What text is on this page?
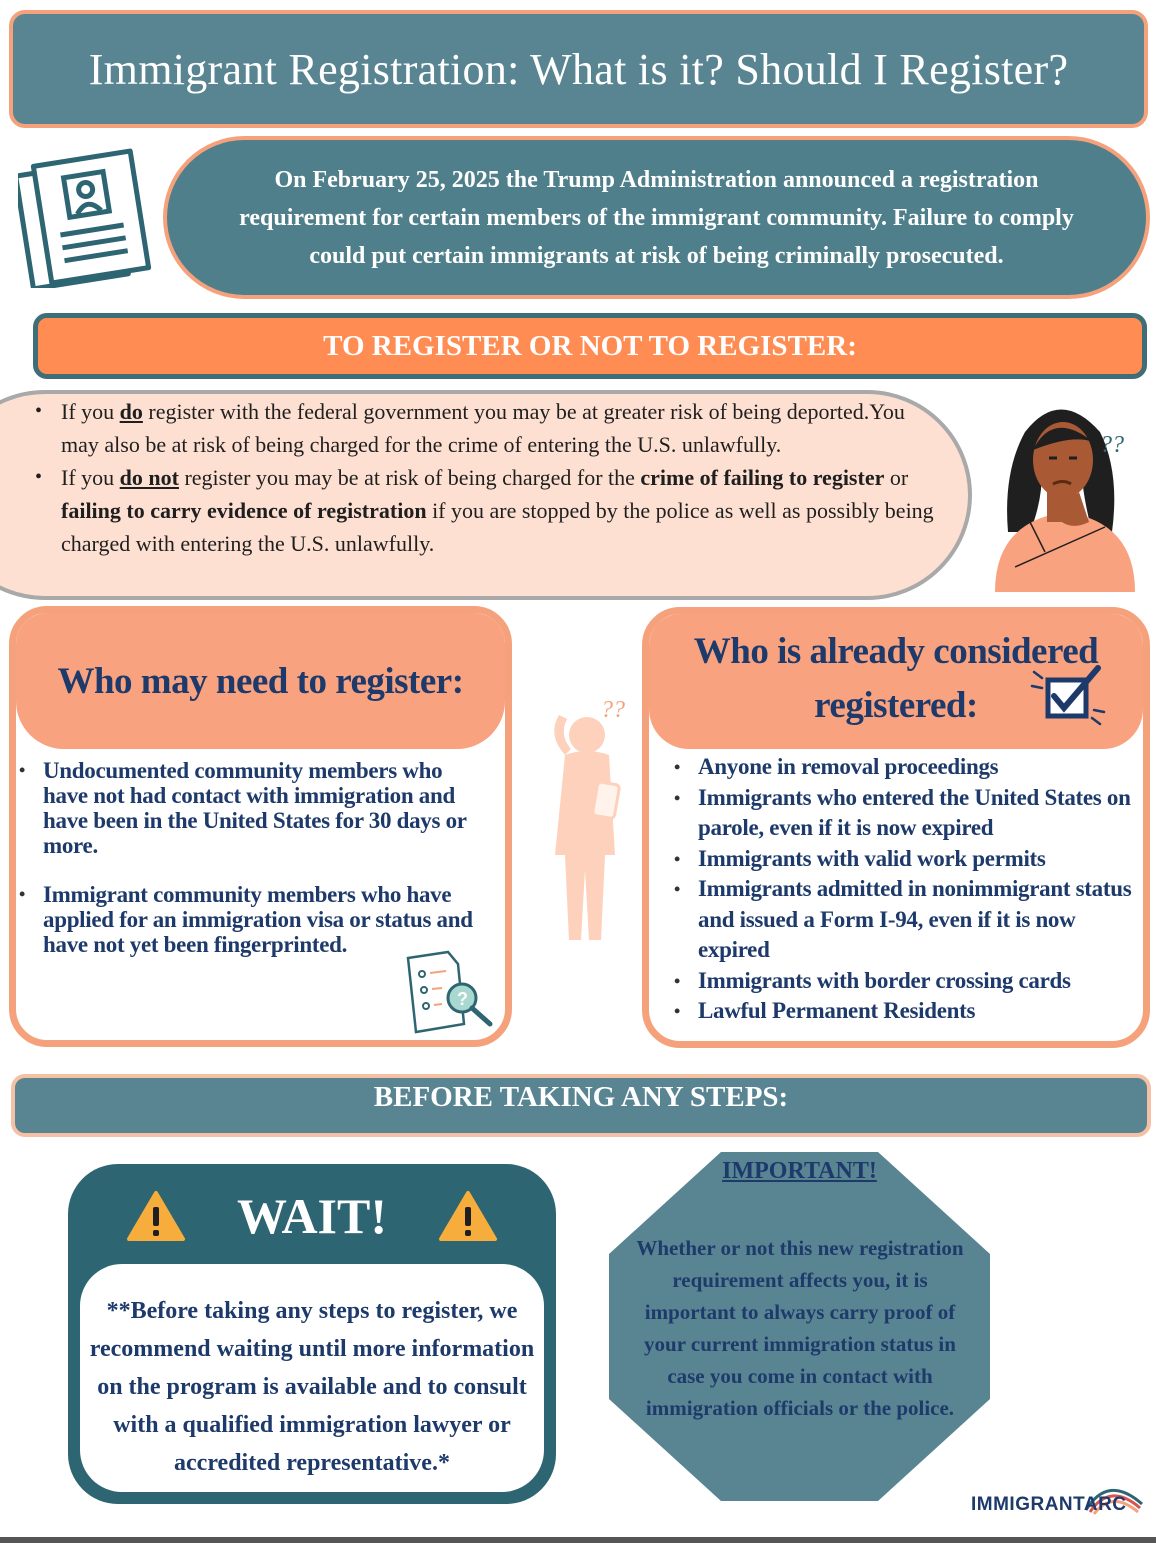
Immigrant Registration: What is it? Should I Register?

On February 25, 2025 the Trump Administration announced a registration requirement for certain members of the immigrant community. Failure to comply could put certain immigrants at risk of being criminally prosecuted.

TO REGISTER OR NOT TO REGISTER:
• If you do register with the federal government you may be at greater risk of being deported.You may also be at risk of being charged for the crime of entering the U.S. unlawfully.
• If you do not register you may be at risk of being charged for the crime of failing to register or failing to carry evidence of registration if you are stopped by the police as well as possibly being charged with entering the U.S. unlawfully.
??
Who may need to register:
• Undocumented community members who have not had contact with immigration and have been in the United States for 30 days or more.
• Immigrant community members who have applied for an immigration visa or status and have not yet been fingerprinted.
?
??
Who is already considered
registered:
• Anyone in removal proceedings
• Immigrants who entered the United States on parole, even if it is now expired
• Immigrants with valid work permits
• Immigrants admitted in nonimmigrant status and issued a Form I-94, even if it is now expired
• Immigrants with border crossing cards
• Lawful Permanent Residents
BEFORE TAKING ANY STEPS:
WAIT!

**Before taking any steps to register, we recommend waiting until more information on the program is available and to consult with a qualified immigration lawyer or accredited representative.*

IMPORTANT!

Whether or not this new registration requirement affects you, it is important to always carry proof of your current immigration status in case you come in contact with immigration officials or the police.

IMMIGRANTARC
